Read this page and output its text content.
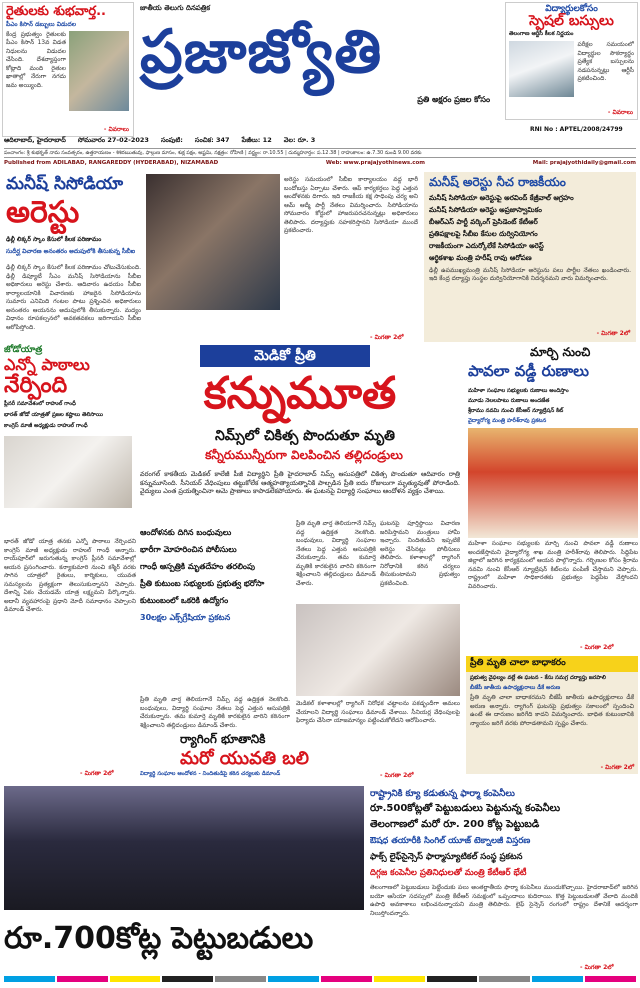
రైతులకు శుభవార్త..
పీఎం కిసాన్ డబ్బులు విడుదల
కేంద్ర ప్రభుత్వం రైతులకు పీఎం కిసాన్ 13వ విడత నిధులను విడుదల చేసింది. దేశవ్యాప్తంగా కోట్లాది మంది రైతుల ఖాతాల్లో నేరుగా నగదు జమ అయ్యింది.
- వివరాలు
జాతీయ తెలుగు దినపత్రిక
ప్రజాజ్యోతి
ప్రతి అక్షరం ప్రజల కోసం
విద్యార్థులకోసం
స్పెషల్ బస్సులు
తెలంగాణ ఆర్టీసీ కీలక నిర్ణయం
పరీక్షల సమయంలో విద్యార్థుల సౌకర్యార్థం ప్రత్యేక బస్సులను నడపనున్నట్లు ఆర్టీసీ ప్రకటించింది.
- వివరాలు
RNI No : APTEL/2008/24799
ఆదిలాబాద్, హైదరాబాద్ సోమవారం 27-02-2023 సంపుటి: సంచిక: 347 పేజీలు: 12 వెల: రూ. 3
పంచాంగం: శ్రీ శుభకృత్ నామ సంవత్సరం, ఉత్తరాయణం - శిశిరఋతువు, ఫాల్గుణ మాసం, శుక్ల పక్షం, అష్టమి, నక్షత్రం: రోహిణి | వర్జ్యం: రా.10.55 | దుర్ముహూర్తం: ప.12.38 | రాహుకాలం: ఉ.7.30 నుండి 9.00 వరకు
Published from ADILABAD, RANGAREDDY (HYDERABAD), NIZAMABAD	Web: www.prajajyothinews.com	Mail: prajajyothidaily@gmail.com
మనీష్ సిసోడియా
అరెస్టు
ఢిల్లీ లిక్కర్ స్కాం కేసులో కీలక పరిణామం
సుదీర్ఘ విచారణ అనంతరం అదుపులోకి తీసుకున్న సీబీఐ
ఢిల్లీ లిక్కర్ స్కాం కేసులో కీలక పరిణామం చోటుచేసుకుంది. ఢిల్లీ డిప్యూటీ సీఎం మనీష్ సిసోడియాను సీబీఐ అధికారులు అరెస్టు చేశారు. ఆదివారం ఉదయం సీబీఐ కార్యాలయానికి విచారణకు హాజరైన సిసోడియాను సుమారు ఎనిమిది గంటల పాటు ప్రశ్నించిన అధికారులు అనంతరం ఆయనను అదుపులోకి తీసుకున్నారు. మద్యం విధానం రూపకల్పనలో అవకతవకలు జరిగాయని సీబీఐ ఆరోపిస్తోంది.
అరెస్టు సమయంలో సీబీఐ కార్యాలయం వద్ద భారీ బందోబస్తు ఏర్పాటు చేశారు. ఆప్ కార్యకర్తలు పెద్ద ఎత్తున ఆందోళనకు దిగారు. ఇది రాజకీయ కక్ష సాధింపు చర్య అని ఆమ్ ఆద్మీ పార్టీ నేతలు విమర్శించారు. సిసోడియాను సోమవారం కోర్టులో హాజరుపరచనున్నట్లు అధికారులు తెలిపారు. దర్యాప్తుకు సహకరిస్తానని సిసోడియా ముందే ప్రకటించారు.
- మిగతా 2లో
మనీష్ అరెస్టు నీచ రాజకీయం
మనీష్ సిసోడియా అరెస్టుపై అరవింద్ కేజ్రీవాల్ ఆగ్రహం
మనీష్ సిసోడియా అరెస్టు అప్రజాస్వామికం
బీఆర్ఎస్ పార్టీ వర్కింగ్ ప్రెసిడెంట్ కేటీఆర్
ప్రతిపక్షాలపై సీబీఐ కేసుల దుర్వినియోగం
రాజకీయంగా ఎదుర్కోలేకే సిసోడియా అరెస్ట్
ఆర్థికశాఖ మంత్రి హరీష్ రావు ఆరోపణ
ఢిల్లీ ఉపముఖ్యమంత్రి మనీష్ సిసోడియా అరెస్టును పలు పార్టీల నేతలు ఖండించారు. ఇది కేంద్ర దర్యాప్తు సంస్థల దుర్వినియోగానికి నిదర్శనమని వారు విమర్శించారు.
- మిగతా 2లో
జోడోయాత్ర
ఎన్నో పాఠాలు
నేర్పింది
ప్లీనరీ సమావేశంలో రాహుల్ గాంధీ
భారత్ జోడో యాత్రతో ప్రజల కష్టాలు తెలిసాయి
కాంగ్రెస్ మాజీ అధ్యక్షుడు రాహుల్ గాంధీ
భారత్ జోడో యాత్ర తనకు ఎన్నో పాఠాలు నేర్పిందని కాంగ్రెస్ మాజీ అధ్యక్షుడు రాహుల్ గాంధీ అన్నారు. రాయ్‌పూర్‌లో జరుగుతున్న కాంగ్రెస్ ప్లీనరీ సమావేశాల్లో ఆయన ప్రసంగించారు. కన్యాకుమారి నుంచి కశ్మీర్ వరకు సాగిన యాత్రలో రైతులు, కార్మికులు, యువత సమస్యలను ప్రత్యక్షంగా తెలుసుకున్నానని చెప్పారు. దేశాన్ని ఏకం చేయడమే యాత్ర లక్ష్యమని పేర్కొన్నారు. అదానీ వ్యవహారంపై ప్రధాని మోదీ సమాధానం చెప్పాలని డిమాండ్ చేశారు.
- మిగతా 2లో
మెడికో ప్రీతి
కన్నుమూత
నిమ్స్‌లో చికిత్స పొందుతూ మృతి
కన్నీరుమున్నీరుగా విలపించిన తల్లిదండ్రులు
వరంగల్ కాకతీయ మెడికల్ కాలేజీ పీజీ విద్యార్థిని ప్రీతి హైదరాబాద్ నిమ్స్ ఆసుపత్రిలో చికిత్స పొందుతూ ఆదివారం రాత్రి కన్నుమూసింది. సీనియర్ వేధింపులు తట్టుకోలేక ఆత్మహత్యాయత్నానికి పాల్పడిన ప్రీతి ఐదు రోజులుగా మృత్యువుతో పోరాడింది. వైద్యులు ఎంత ప్రయత్నించినా ఆమె ప్రాణాలు కాపాడలేకపోయారు. ఈ ఘటనపై విద్యార్థి సంఘాలు ఆందోళన వ్యక్తం చేశాయి.
ఆందోళనకు దిగిన బంధువులు
భారీగా మోహరించిన పోలీసులు
గాంధీ ఆస్పత్రికి మృతదేహం తరలింపు
ప్రీతి కుటుంబ సభ్యులకు ప్రభుత్వ భరోసా
కుటుంబంలో ఒకరికి ఉద్యోగం
30లక్షల ఎక్స్‌గ్రేషియా ప్రకటన
ప్రీతి మృతి వార్త తెలియగానే నిమ్స్ వద్ద ఉద్రిక్తత నెలకొంది. బంధువులు, విద్యార్థి సంఘాల నేతలు పెద్ద ఎత్తున ఆసుపత్రికి చేరుకున్నారు. తమ కుమార్తె మృతికి కారకులైన వారిని కఠినంగా శిక్షించాలని తల్లిదండ్రులు డిమాండ్ చేశారు.
ఘటనపై పూర్తిస్థాయి విచారణ జరిపిస్తామని మంత్రులు హామీ ఇచ్చారు. నిందితుడిని ఇప్పటికే అరెస్టు చేసినట్లు పోలీసులు తెలిపారు. కళాశాలల్లో ర్యాగింగ్ నిరోధానికి కఠిన చర్యలు తీసుకుంటామని ప్రభుత్వం ప్రకటించింది.
ప్రీతి మృతి వార్త తెలియగానే నిమ్స్ వద్ద ఉద్రిక్తత నెలకొంది. బంధువులు, విద్యార్థి సంఘాల నేతలు పెద్ద ఎత్తున ఆసుపత్రికి చేరుకున్నారు. తమ కుమార్తె మృతికి కారకులైన వారిని కఠినంగా శిక్షించాలని తల్లిదండ్రులు డిమాండ్ చేశారు.
ర్యాగింగ్ భూతానికి
మరో యువతి బలి
విద్యార్థి సంఘాల ఆందోళన - నిందితుడిపై కఠిన చర్యలకు డిమాండ్
మెడికల్ కళాశాలల్లో ర్యాగింగ్ నిరోధక చట్టాలను పకడ్బందీగా అమలు చేయాలని విద్యార్థి సంఘాలు డిమాండ్ చేశాయి. సీనియర్ల వేధింపులపై ఫిర్యాదు చేసినా యాజమాన్యం పట్టించుకోలేదని ఆరోపించారు.
- మిగతా 2లో
మార్చి నుంచి
పావలా వడ్డీ రుణాలు
మహిళా సంఘాల సభ్యులకు రుణాలు అందిస్తాం
మూడు నెలలపాటు రుణాలు అందజేత
శ్రీరాము నవమి నుంచి కేసీఆర్ న్యూట్రిషన్ కిట్
వైద్యారోగ్య మంత్రి హరీశ్‌రావు ప్రకటన
మహిళా సంఘాల సభ్యులకు మార్చి నుంచి పావలా వడ్డీ రుణాలు అందజేస్తామని వైద్యారోగ్య శాఖ మంత్రి హరీశ్‌రావు తెలిపారు. సిద్దిపేట జిల్లాలో జరిగిన కార్యక్రమంలో ఆయన పాల్గొన్నారు. గర్భిణుల కోసం శ్రీరామ నవమి నుంచి కేసీఆర్ న్యూట్రిషన్ కిట్‌లను పంపిణీ చేస్తామని చెప్పారు. రాష్ట్రంలో మహిళా సాధికారతకు ప్రభుత్వం పెద్దపీట వేస్తోందని వివరించారు.
- మిగతా 2లో
ప్రీతి మృతి చాలా బాధాకరం
ప్రభుత్వ వైఫల్యం వల్లే ఈ ఘటన - కేసు సమగ్ర దర్యాప్తు జరపాలి
బీజేపీ జాతీయ ఉపాధ్యక్షురాలు డీకే అరుణ
ప్రీతి మృతి చాలా బాధాకరమని బీజేపీ జాతీయ ఉపాధ్యక్షురాలు డీకే అరుణ అన్నారు. ర్యాగింగ్ ఘటనపై ప్రభుత్వం సకాలంలో స్పందించి ఉంటే ఈ దారుణం జరిగేది కాదని విమర్శించారు. బాధిత కుటుంబానికి న్యాయం జరిగే వరకు పోరాడతామని స్పష్టం చేశారు.
- మిగతా 2లో
రాష్ట్రానికి క్యూ కడుతున్న ఫార్మా కంపెనీలు
రూ.500కోట్లతో పెట్టుబడులు పెట్టనున్న కంపెనీలు
తెలంగాణలో మరో రూ. 200 కోట్ల పెట్టుబడి
ఔషధ తయారీకి సింగిల్ యూజ్ టెక్నాలజీ విస్తరణ
ఫాక్స్ లైఫ్‌సైన్సెస్ ఫార్మాస్యూటికల్ సంస్థ ప్రకటన
దిగ్గజ కంపెనీల ప్రతినిధులతో మంత్రి కేటీఆర్ భేటీ
తెలంగాణలో పెట్టుబడులు పెట్టేందుకు పలు అంతర్జాతీయ ఫార్మా కంపెనీలు ముందుకొచ్చాయి. హైదరాబాద్‌లో జరిగిన బయో ఆసియా సదస్సులో మంత్రి కేటీఆర్ సమక్షంలో ఒప్పందాలు కుదిరాయి. కొత్త పెట్టుబడులతో వేలాది మందికి ఉపాధి అవకాశాలు లభించనున్నాయని మంత్రి తెలిపారు. లైఫ్ సైన్సెస్ రంగంలో రాష్ట్రం దేశానికే ఆదర్శంగా నిలుస్తోందన్నారు.
రూ.700కోట్ల పెట్టుబడులు
- మిగతా 2లో
